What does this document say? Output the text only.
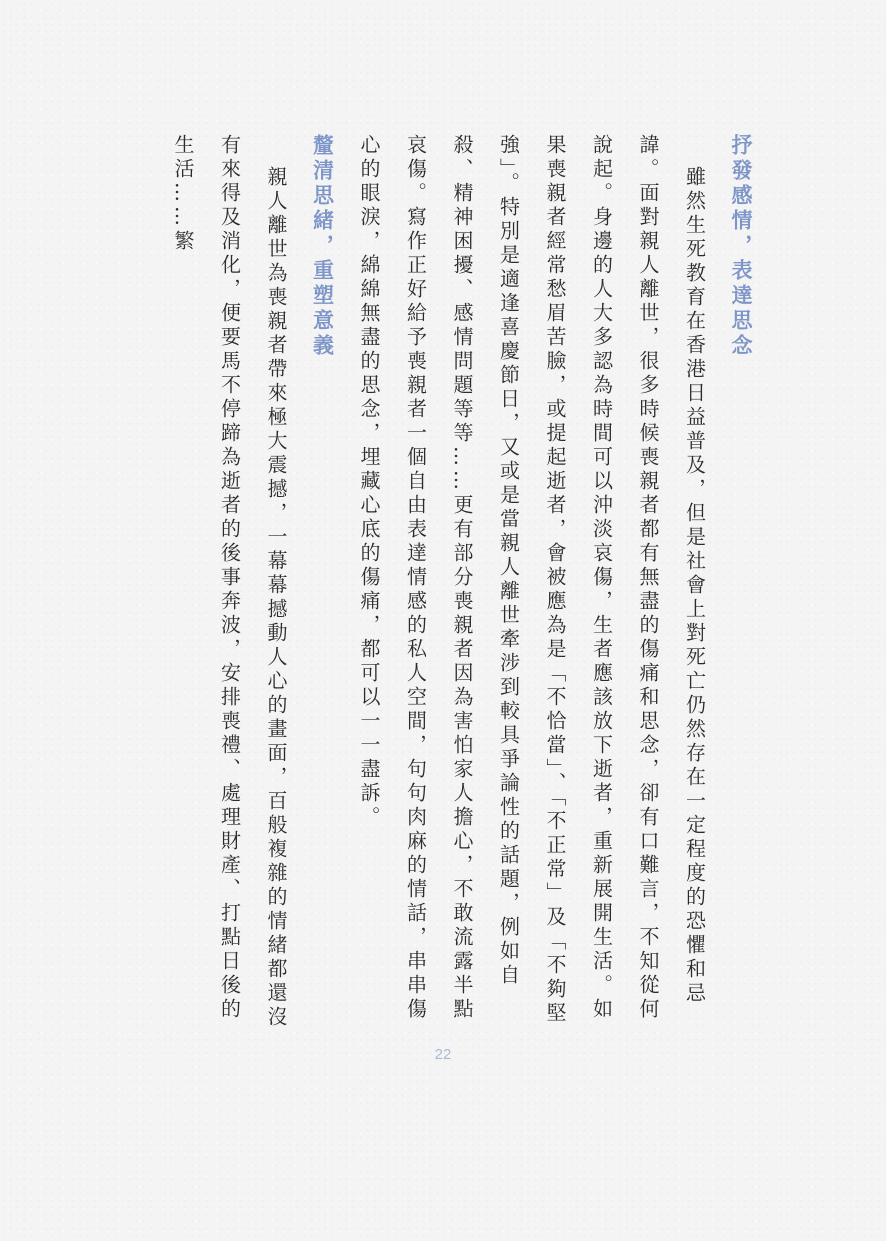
抒發感情，表達思念

雖然生死教育在香港日益普及，但是社會上對死亡仍然存在一定程度的恐懼和忌諱。面對親人離世，很多時候喪親者都有無盡的傷痛和思念，卻有口難言，不知從何說起。身邊的人大多認為時間可以沖淡哀傷，生者應該放下逝者，重新展開生活。如果喪親者經常愁眉苦臉，或提起逝者，會被應為是「不恰當」、「不正常」及「不夠堅強」。特別是適逢喜慶節日，又或是當親人離世牽涉到較具爭論性的話題，例如自殺、精神困擾、感情問題等等……更有部分喪親者因為害怕家人擔心，不敢流露半點哀傷。寫作正好給予喪親者一個自由表達情感的私人空間，句句肉麻的情話，串串傷心的眼淚，綿綿無盡的思念，埋藏心底的傷痛，都可以一一盡訴。

釐清思緒，重塑意義

親人離世為喪親者帶來極大震撼，一幕幕撼動人心的畫面，百般複雜的情緒都還沒有來得及消化，便要馬不停蹄為逝者的後事奔波，安排喪禮、處理財產、打點日後的生活……繁

22
